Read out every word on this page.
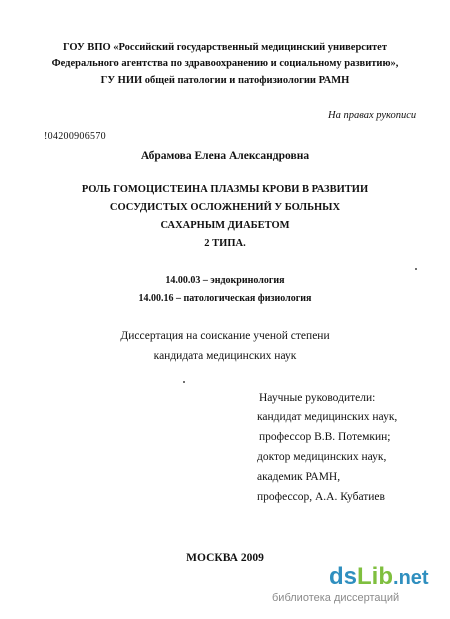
ГОУ ВПО «Российский государственный медицинский университет
Федерального агентства по здравоохранению и социальному развитию»,
ГУ НИИ общей патологии и патофизиологии РАМН
На правах рукописи
!04200906570
Абрамова Елена Александровна
РОЛЬ ГОМОЦИСТЕИНА ПЛАЗМЫ КРОВИ В РАЗВИТИИ
СОСУДИСТЫХ ОСЛОЖНЕНИЙ У БОЛЬНЫХ
САХАРНЫМ ДИАБЕТОМ
2 ТИПА.
14.00.03 – эндокринология
14.00.16 – патологическая физиология
Диссертация на соискание ученой степени
кандидата медицинских наук
Научные руководители:
кандидат медицинских наук,
профессор В.В. Потемкин;
доктор медицинских наук,
академик РАМН,
профессор, А.А. Кубатиев
МОСКВА 2009
dsLib.net
библиотека диссертаций
